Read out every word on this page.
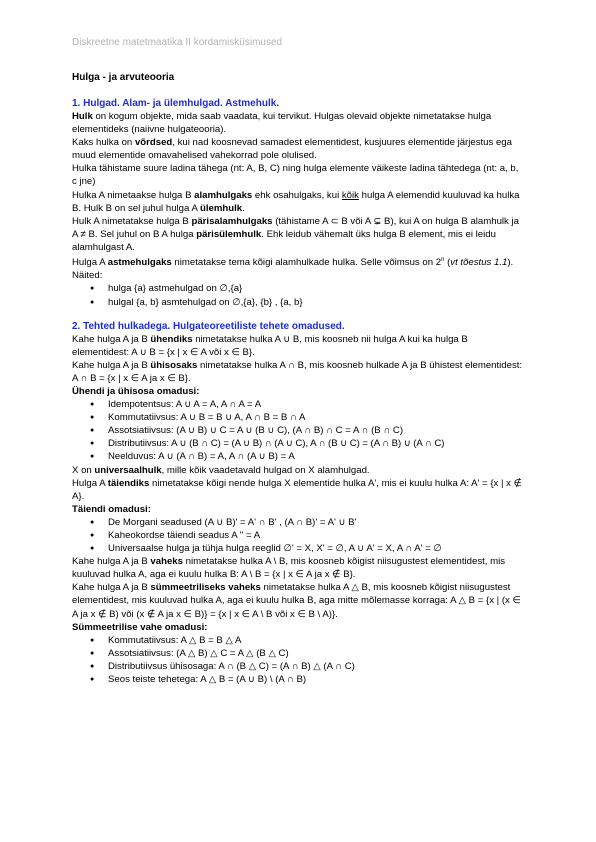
Diskreetne matetmaatika II kordamisküsimused
Hulga - ja arvuteooria
1. Hulgad. Alam- ja ülemhulgad. Astmehulk.

Hulk on kogum objekte, mida saab vaadata, kui tervikut. Hulgas olevaid objekte nimetatakse hulga elementideks (naiivne hulgateooria).

Kaks hulka on võrdsed, kui nad koosnevad samadest elementidest, kusjuures elementide järjestus ega muud elementide omavahelised vahekorrad pole olulised.

Hulka tähistame suure ladina tähega (nt: A, B, C) ning hulga elemente väikeste ladina tähtedega (nt: a, b, c jne)

Hulka A nimetaakse hulga B alamhulgaks ehk osahulgaks, kui kõik hulga A elemendid kuuluvad ka hulka B. Hulk B on sel juhul hulga A ülemhulk.

Hulk A nimetatakse hulga B pärisalamhulgaks (tähistame A ⊂ B või A ⊊ B), kui A on hulga B alamhulk ja A ≠ B. Sel juhul on B A hulga pärisülemhulk. Ehk leidub vähemalt üks hulga B element, mis ei leidu alamhulgast A.

Hulga A astmehulgaks nimetatakse tema kõigi alamhulkade hulka. Selle võimsus on 2$^n$ (vt tõestus 1.1). Näited:

● hulga {a} astmehulgad on ∅,{a}
● hulgal {a, b} asmtehulgad on ∅,{a}, {b} , {a, b}
2. Tehted hulkadega. Hulgateoreetiliste tehete omadused.

Kahe hulga A ja B ühendiks nimetatakse hulka A ∪ B, mis koosneb nii hulga A kui ka hulga B elementidest: A ∪ B = {x | x ∈ A või x ∈ B}.

Kahe hulga A ja B ühisosaks nimetatakse hulka A ∩ B, mis koosneb hulkade A ja B ühistest elementidest: A ∩ B = {x | x ∈ A ja x ∈ B}.

Ühendi ja ühisosa omadusi:

● Idempotentsus: A ∪ A = A, A ∩ A = A
● Kommutatiivsus: A ∪ B = B ∪ A, A ∩ B = B ∩ A
● Assotsiatiivsus: (A ∪ B) ∪ C = A ∪ (B ∪ C), (A ∩ B) ∩ C = A ∩ (B ∩ C)
● Distributiivsus: A ∪ (B ∩ C) = (A ∪ B) ∩ (A ∪ C), A ∩ (B ∪ C) = (A ∩ B) ∪ (A ∩ C)
● Neelduvus: A ∪ (A ∩ B) = A, A ∩ (A ∪ B) = A

X on universaalhulk, mille kõik vaadetavald hulgad on X alamhulgad.

Hulga A täiendiks nimetatakse kõigi nende hulga X elementide hulka A', mis ei kuulu hulka A: A' = {x | x ∉ A}.

Täiendi omadusi:

● De Morgani seadused (A ∪ B)' = A' ∩ B' , (A ∩ B)' = A' ∪ B'
● Kaheokordse täiendi seadus A '' = A
● Universaalse hulga ja tühja hulga reeglid ∅' = X, X' = ∅, A ∪ A' = X, A ∩ A' = ∅

Kahe hulga A ja B vaheks nimetatakse hulka A \ B, mis koosneb kõigist niisugustest elementidest, mis kuuluvad hulka A, aga ei kuulu hulka B: A \ B = {x | x ∈ A ja x ∉ B}.

Kahe hulga A ja B sümmeetriliseks vaheks nimetatakse hulka A △ B, mis koosneb kõigist niisugustest elementidest, mis kuuluvad hulka A, aga ei kuulu hulka B, aga mitte mõlemasse korraga: A △ B = {x | (x ∈ A ja x ∉ B) või (x ∉ A ja x ∈ B)} = {x | x ∈ A \ B või x ∈ B \ A)}.

Sümmeetrilise vahe omadusi:

● Kommutatiivsus: A △ B = B △ A
● Assotsiatiivsus: (A △ B) △ C = A △ (B △ C)
● Distributiivsus ühisosaga: A ∩ (B △ C) = (A ∩ B) △ (A ∩ C)
● Seos teiste tehetega: A △ B = (A ∪ B) \ (A ∩ B)
